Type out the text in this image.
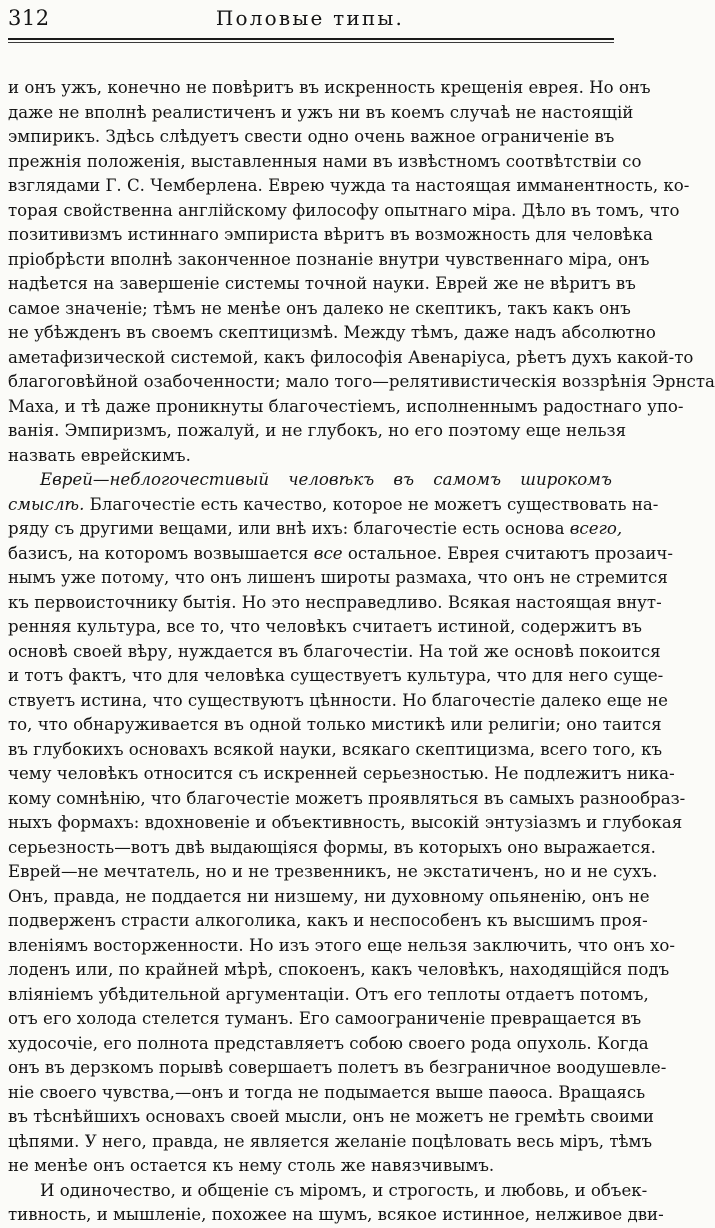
312	Половые типы.
и онъ ужъ, конечно не повѣритъ въ искренность крещенія еврея. Но онъ
даже не вполнѣ реалистиченъ и ужъ ни въ коемъ случаѣ не настоящій
эмпирикъ. Здѣсь слѣдуетъ свести одно очень важное ограниченіе въ
прежнія положенія, выставленныя нами въ извѣстномъ соотвѣтствіи со
взглядами Г. С. Чемберлена. Еврею чужда та настоящая имманентность, ко-
торая свойственна англійскому философу опытнаго міра. Дѣло въ томъ, что
позитивизмъ истиннаго эмпириста вѣритъ въ возможность для человѣка
пріобрѣсти вполнѣ законченное познаніе внутри чувственнаго міра, онъ
надѣется на завершеніе системы точной науки. Еврей же не вѣритъ въ
самое значеніе; тѣмъ не менѣе онъ далеко не скептикъ, такъ какъ онъ
не убѣжденъ въ своемъ скептицизмѣ. Между тѣмъ, даже надъ абсолютно
аметафизической системой, какъ философія Авенаріуса, рѣетъ духъ какой-то
благоговѣйной озабоченности; мало того—релятивистическія воззрѣнія Эрнста
Маха, и тѣ даже проникнуты благочестіемъ, исполненнымъ радостнаго упо-
ванія. Эмпиризмъ, пожалуй, и не глубокъ, но его поэтому еще нельзя
назвать еврейскимъ.
Еврей—неблогочестивый человѣкъ въ самомъ широкомъ
смыслѣ. Благочестіе есть качество, которое не можетъ существовать на-
ряду съ другими вещами, или внѣ ихъ: благочестіе есть основа всего,
базисъ, на которомъ возвышается все остальное. Еврея считаютъ прозаич-
нымъ уже потому, что онъ лишенъ широты размаха, что онъ не стремится
къ первоисточнику бытія. Но это несправедливо. Всякая настоящая внут-
ренняя культура, все то, что человѣкъ считаетъ истиной, содержитъ въ
основѣ своей вѣру, нуждается въ благочестіи. На той же основѣ покоится
и тотъ фактъ, что для человѣка существуетъ культура, что для него суще-
ствуетъ истина, что существуютъ цѣнности. Но благочестіе далеко еще не
то, что обнаруживается въ одной только мистикѣ или религіи; оно таится
въ глубокихъ основахъ всякой науки, всякаго скептицизма, всего того, къ
чему человѣкъ относится съ искренней серьезностью. Не подлежитъ ника-
кому сомнѣнію, что благочестіе можетъ проявляться въ самыхъ разнообраз-
ныхъ формахъ: вдохновеніе и объективность, высокій энтузіазмъ и глубокая
серьезность—вотъ двѣ выдающіяся формы, въ которыхъ оно выражается.
Еврей—не мечтатель, но и не трезвенникъ, не экстатиченъ, но и не сухъ.
Онъ, правда, не поддается ни низшему, ни духовному опьяненію, онъ не
подверженъ страсти алкоголика, какъ и неспособенъ къ высшимъ проя-
вленіямъ восторженности. Но изъ этого еще нельзя заключить, что онъ хо-
лоденъ или, по крайней мѣрѣ, спокоенъ, какъ человѣкъ, находящійся подъ
вліяніемъ убѣдительной аргументаціи. Отъ его теплоты отдаетъ потомъ,
отъ его холода стелется туманъ. Его самоограниченіе превращается въ
худосочіе, его полнота представляетъ собою своего рода опухоль. Когда
онъ въ дерзкомъ порывѣ совершаетъ полетъ въ безграничное воодушевле-
ніе своего чувства,—онъ и тогда не подымается выше паѳоса. Вращаясь
въ тѣснѣйшихъ основахъ своей мысли, онъ не можетъ не гремѣть своими
цѣпями. У него, правда, не является желаніе поцѣловать весь міръ, тѣмъ
не менѣе онъ остается къ нему столь же навязчивымъ.
И одиночество, и общеніе съ міромъ, и строгость, и любовь, и объек-
тивность, и мышленіе, похожее на шумъ, всякое истинное, нелживое дви-
